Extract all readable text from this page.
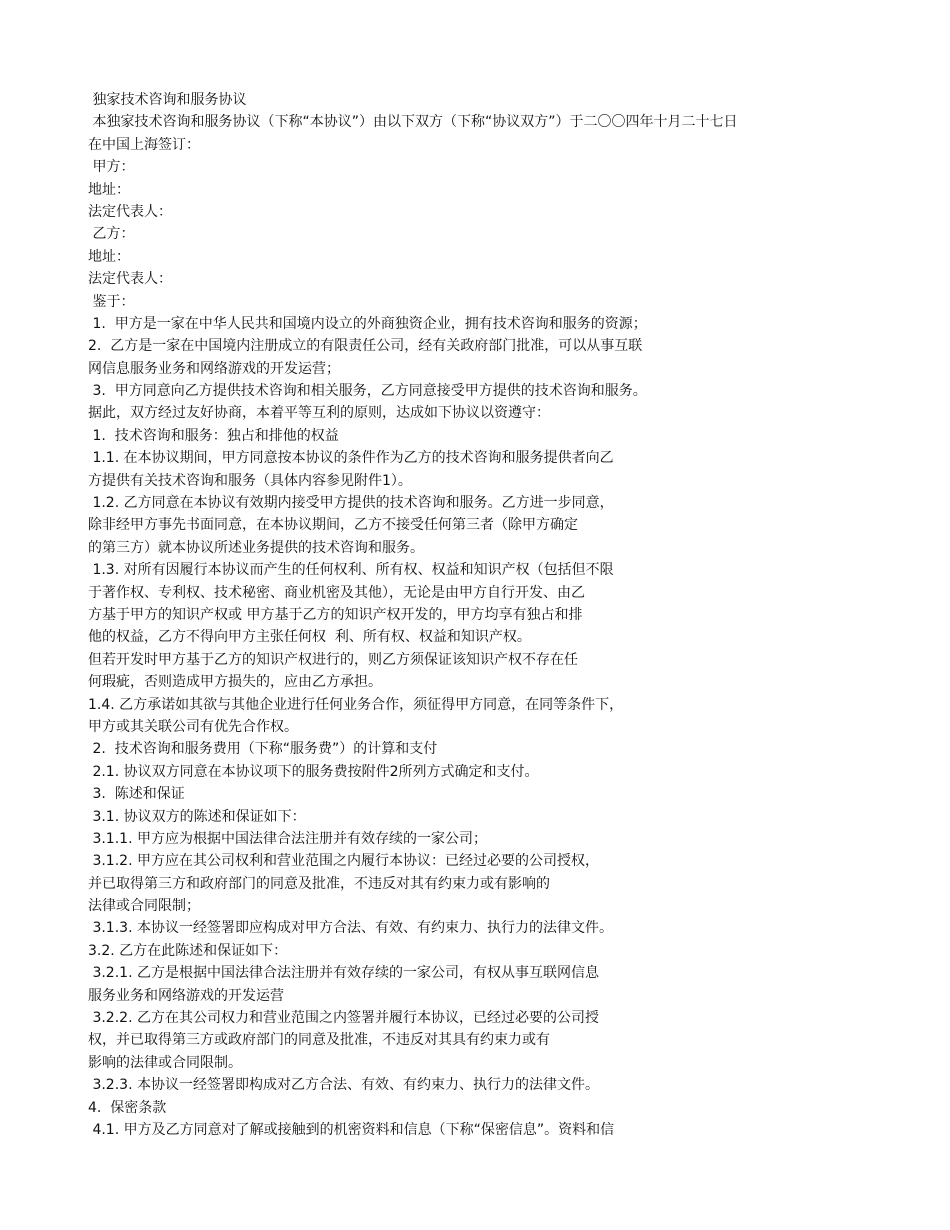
独家技术咨询和服务协议
本独家技术咨询和服务协议（下称“本协议”）由以下双方（下称“协议双方”）于二〇〇四年十月二十七日
在中国上海签订：
甲方：
地址：
法定代表人：
乙方：
地址：
法定代表人：
鉴于：
1.  甲方是一家在中华人民共和国境内设立的外商独资企业，拥有技术咨询和服务的资源；
2.  乙方是一家在中国境内注册成立的有限责任公司，经有关政府部门批准，可以从事互联
网信息服务业务和网络游戏的开发运营；
3.  甲方同意向乙方提供技术咨询和相关服务，乙方同意接受甲方提供的技术咨询和服务。
据此，双方经过友好协商，本着平等互利的原则，达成如下协议以资遵守：
1.  技术咨询和服务：独占和排他的权益
1.1. 在本协议期间，甲方同意按本协议的条件作为乙方的技术咨询和服务提供者向乙
方提供有关技术咨询和服务（具体内容参见附件1）。
1.2. 乙方同意在本协议有效期内接受甲方提供的技术咨询和服务。乙方进一步同意，
除非经甲方事先书面同意，在本协议期间，乙方不接受任何第三者（除甲方确定
的第三方）就本协议所述业务提供的技术咨询和服务。
1.3. 对所有因履行本协议而产生的任何权利、所有权、权益和知识产权（包括但不限
于著作权、专利权、技术秘密、商业机密及其他），无论是由甲方自行开发、由乙
方基于甲方的知识产权或 甲方基于乙方的知识产权开发的，甲方均享有独占和排
他的权益，乙方不得向甲方主张任何权  利、所有权、权益和知识产权。
但若开发时甲方基于乙方的知识产权进行的，则乙方须保证该知识产权不存在任
何瑕疵，否则造成甲方损失的，应由乙方承担。
1.4. 乙方承诺如其欲与其他企业进行任何业务合作，须征得甲方同意，在同等条件下，
甲方或其关联公司有优先合作权。
2.  技术咨询和服务费用（下称“服务费”）的计算和支付
2.1. 协议双方同意在本协议项下的服务费按附件2所列方式确定和支付。
3.  陈述和保证
3.1. 协议双方的陈述和保证如下：
3.1.1. 甲方应为根据中国法律合法注册并有效存续的一家公司；
3.1.2. 甲方应在其公司权利和营业范围之内履行本协议：已经过必要的公司授权，
并已取得第三方和政府部门的同意及批准，不违反对其有约束力或有影响的
法律或合同限制；
3.1.3. 本协议一经签署即应构成对甲方合法、有效、有约束力、执行力的法律文件。
3.2. 乙方在此陈述和保证如下：
3.2.1. 乙方是根据中国法律合法注册并有效存续的一家公司，有权从事互联网信息
服务业务和网络游戏的开发运营
3.2.2. 乙方在其公司权力和营业范围之内签署并履行本协议，已经过必要的公司授
权，并已取得第三方或政府部门的同意及批准，不违反对其具有约束力或有
影响的法律或合同限制。
3.2.3. 本协议一经签署即构成对乙方合法、有效、有约束力、执行力的法律文件。
4.  保密条款
4.1. 甲方及乙方同意对了解或接触到的机密资料和信息（下称“保密信息”。资料和信
